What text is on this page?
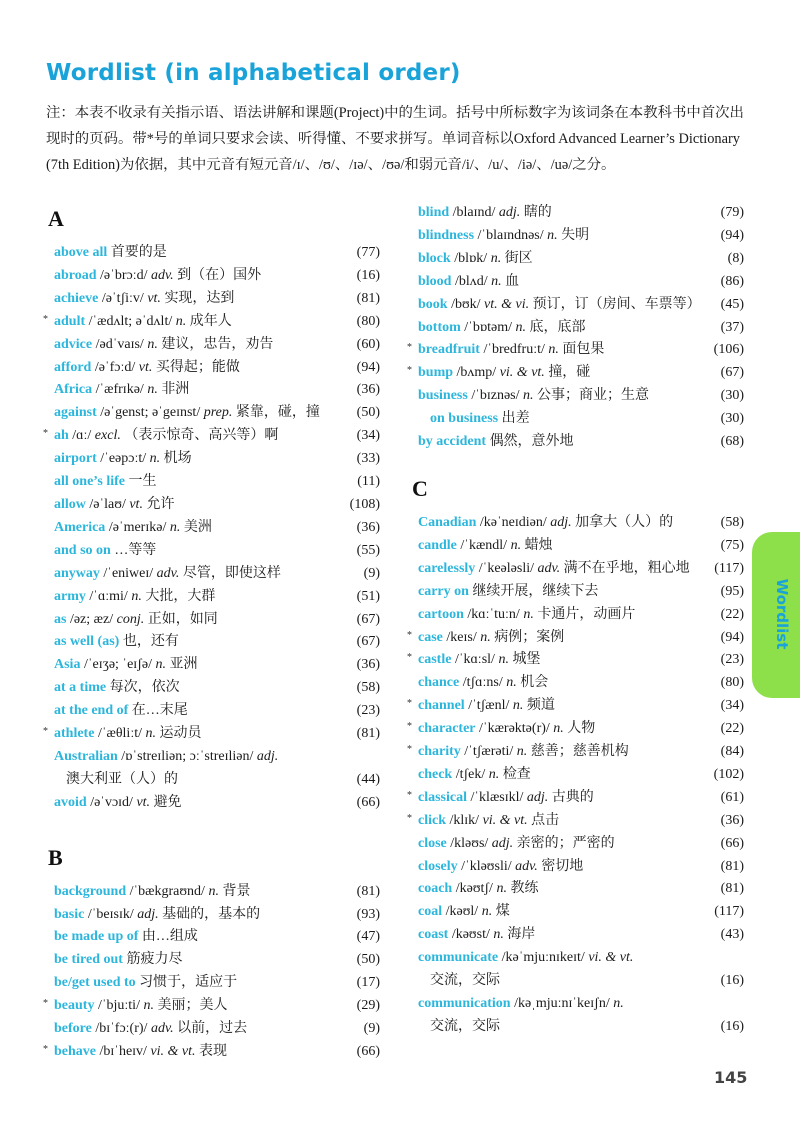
Wordlist (in alphabetical order)

注：本表不收录有关指示语、语法讲解和课题(Project)中的生词。括号中所标数字为该词条在本教科书中首次出现时的页码。带*号的单词只要求会读、听得懂、不要求拼写。单词音标以Oxford Advanced Learner’s Dictionary (7th Edition)为依据，其中元音有短元音/ɪ/、/ʊ/、/ɪə/、/ʊə/和弱元音/i/、/u/、/iə/、/uə/之分。

A
above all 首要的是	(77)
abroad /əˈbrɔːd/ adv. 到（在）国外	(16)
achieve /əˈtʃiːv/ vt. 实现，达到	(81)
* adult /ˈædʌlt; əˈdʌlt/ n. 成年人	(80)
advice /ədˈvaɪs/ n. 建议，忠告，劝告	(60)
afford /əˈfɔːd/ vt. 买得起；能做	(94)
Africa /ˈæfrɪkə/ n. 非洲	(36)
against /əˈgenst; əˈgeɪnst/ prep. 紧靠，碰，撞	(50)
* ah /ɑː/ excl. （表示惊奇、高兴等）啊	(34)
airport /ˈeəpɔːt/ n. 机场	(33)
all one’s life 一生	(11)
allow /əˈlaʊ/ vt. 允许	(108)
America /əˈmerɪkə/ n. 美洲	(36)
and so on …等等	(55)
anyway /ˈeniweɪ/ adv. 尽管，即使这样	(9)
army /ˈɑːmi/ n. 大批，大群	(51)
as /əz; æz/ conj. 正如，如同	(67)
as well (as) 也，还有	(67)
Asia /ˈeɪʒə; ˈeɪʃə/ n. 亚洲	(36)
at a time 每次，依次	(58)
at the end of 在…末尾	(23)
* athlete /ˈæθliːt/ n. 运动员	(81)
Australian /ɒˈstreɪliən; ɔːˈstreɪliən/ adj.
澳大利亚（人）的	(44)
avoid /əˈvɔɪd/ vt. 避免	(66)
B
background /ˈbækgraʊnd/ n. 背景	(81)
basic /ˈbeɪsɪk/ adj. 基础的，基本的	(93)
be made up of 由…组成	(47)
be tired out 筋疲力尽	(50)
be/get used to 习惯于，适应于	(17)
* beauty /ˈbjuːti/ n. 美丽；美人	(29)
before /bɪˈfɔː(r)/ adv. 以前，过去	(9)
* behave /bɪˈheɪv/ vi. & vt. 表现	(66)
blind /blaɪnd/ adj. 瞎的	(79)
blindness /ˈblaɪndnəs/ n. 失明	(94)
block /blɒk/ n. 街区	(8)
blood /blʌd/ n. 血	(86)
book /bʊk/ vt. & vi. 预订，订（房间、车票等） (45)
bottom /ˈbɒtəm/ n. 底，底部	(37)
* breadfruit /ˈbredfruːt/ n. 面包果	(106)
* bump /bʌmp/ vi. & vt. 撞，碰	(67)
business /ˈbɪznəs/ n. 公事；商业；生意	(30)
on business 出差	(30)
by accident 偶然，意外地	(68)
C
Canadian /kəˈneɪdiən/ adj. 加拿大（人）的	(58)
candle /ˈkændl/ n. 蜡烛	(75)
carelessly /ˈkeələsli/ adv. 满不在乎地，粗心地 (117)
carry on 继续开展，继续下去	(95)
cartoon /kɑːˈtuːn/ n. 卡通片，动画片	(22)
* case /keɪs/ n. 病例；案例	(94)
* castle /ˈkɑːsl/ n. 城堡	(23)
chance /tʃɑːns/ n. 机会	(80)
* channel /ˈtʃænl/ n. 频道	(34)
* character /ˈkærəktə(r)/ n. 人物	(22)
* charity /ˈtʃærəti/ n. 慈善；慈善机构	(84)
check /tʃek/ n. 检查	(102)
* classical /ˈklæsɪkl/ adj. 古典的	(61)
* click /klɪk/ vi. & vt. 点击	(36)
close /kləʊs/ adj. 亲密的；严密的	(66)
closely /ˈkləʊsli/ adv. 密切地	(81)
coach /kəʊtʃ/ n. 教练	(81)
coal /kəʊl/ n. 煤	(117)
coast /kəʊst/ n. 海岸	(43)
communicate /kəˈmjuːnɪkeɪt/ vi. & vt.
交流，交际	(16)
communication /kəˌmjuːnɪˈkeɪʃn/ n.
交流，交际	(16)
Wordlist
145
